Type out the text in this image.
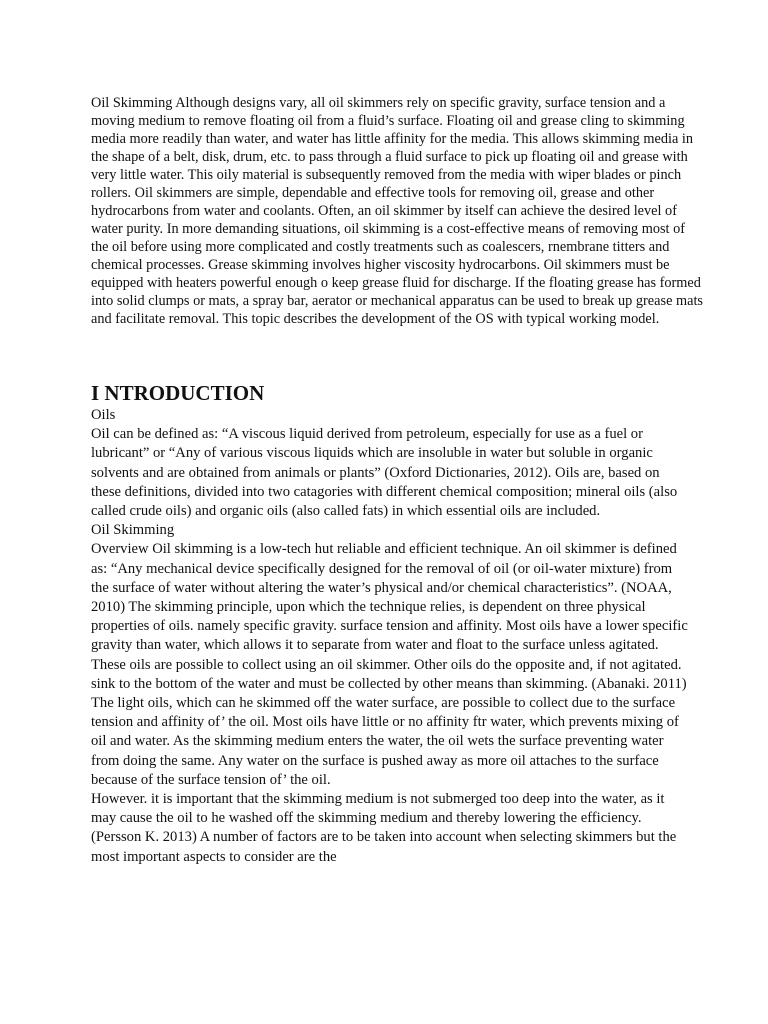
Oil Skimming Although designs vary, all oil skimmers rely on specific gravity, surface tension and a moving medium to remove floating oil from a fluid’s surface. Floating oil and grease cling to skimming media more readily than water, and water has little affinity for the media. This allows skimming media in the shape of a belt, disk, drum, etc. to pass through a fluid surface to pick up floating oil and grease with very little water. This oily material is subsequently removed from the media with wiper blades or pinch rollers. Oil skimmers are simple, dependable and effective tools for removing oil, grease and other hydrocarbons from water and coolants. Often, an oil skimmer by itself can achieve the desired level of water purity. In more demanding situations, oil skimming is a cost-effective means of removing most of the oil before using more complicated and costly treatments such as coalescers, rnembrane titters and chemical processes. Grease skimming involves higher viscosity hydrocarbons. Oil skimmers must be equipped with heaters powerful enough o keep grease fluid for discharge. If the floating grease has formed into solid clumps or mats, a spray bar, aerator or mechanical apparatus can be used to break up grease mats and facilitate removal. This topic describes the development of the OS with typical working model.

I NTRODUCTION

Oils

Oil can be defined as: “A viscous liquid derived from petroleum, especially for use as a fuel or lubricant” or “Any of various viscous liquids which are insoluble in water but soluble in organic solvents and are obtained from animals or plants” (Oxford Dictionaries, 2012). Oils are, based on these definitions, divided into two catagories with different chemical composition; mineral oils (also called crude oils) and organic oils (also called fats) in which essential oils are included.

Oil Skimming

Overview Oil skimming is a low-tech hut reliable and efficient technique. An oil skimmer is defined as: “Any mechanical device specifically designed for the removal of oil (or oil-water mixture) from the surface of water without altering the water’s physical and/or chemical characteristics”. (NOAA, 2010) The skimming principle, upon which the technique relies, is dependent on three physical properties of oils. namely specific gravity. surface tension and affinity. Most oils have a lower specific gravity than water, which allows it to separate from water and float to the surface unless agitated. These oils are possible to collect using an oil skimmer. Other oils do the opposite and, if not agitated. sink to the bottom of the water and must be collected by other means than skimming. (Abanaki. 2011) The light oils, which can he skimmed off the water surface, are possible to collect due to the surface tension and affinity of’ the oil. Most oils have little or no affinity ftr water, which prevents mixing of oil and water. As the skimming medium enters the water, the oil wets the surface preventing water from doing the same. Any water on the surface is pushed away as more oil attaches to the surface because of the surface tension of’ the oil.

However. it is important that the skimming medium is not submerged too deep into the water, as it may cause the oil to he washed off the skimming medium and thereby lowering the efficiency. (Persson K. 2013) A number of factors are to be taken into account when selecting skimmers but the most important aspects to consider are the
